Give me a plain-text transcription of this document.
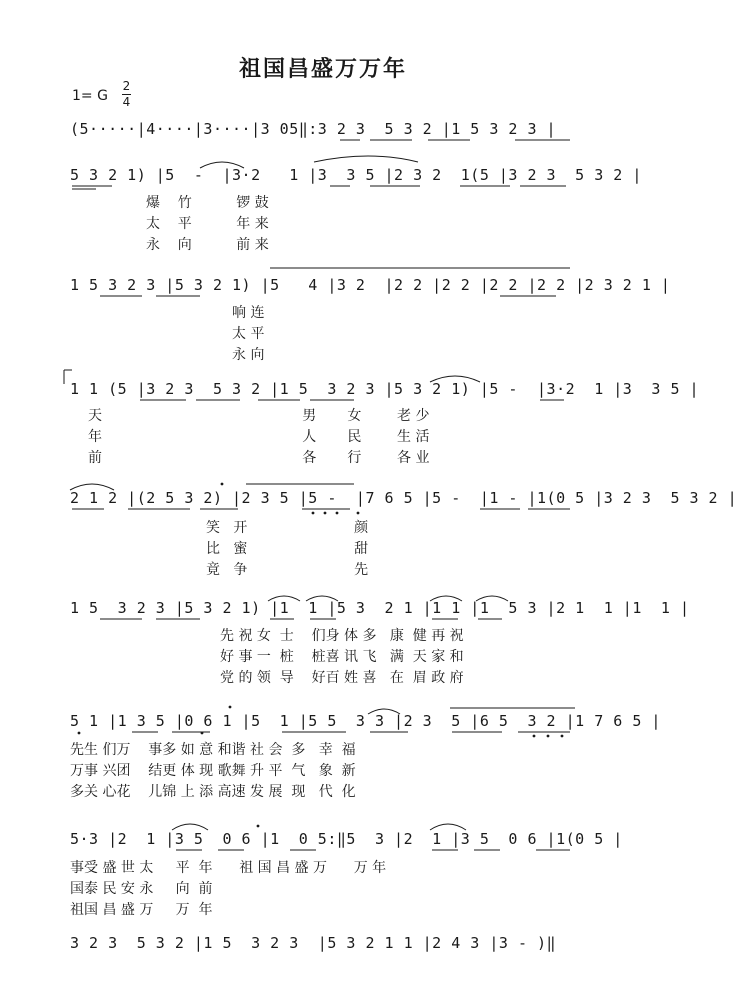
祖国昌盛万万年
1= G
2
4
(5·····|4····|3····|3 05‖:3 2 3  5 3 2 |1 5 3 2 3 |
5 3 2 1) |5  -  |3·2   1 |3  3 5 |2 3 2  1(5 |3 2 3  5 3 2 |
爆    竹          锣 鼓
太    平          年 来
永    向          前 来
1 5 3 2 3 |5 3 2 1) |5   4 |3 2  |2 2 |2 2 |2 2 |2 2 |2 3 2 1 |
响 连
太 平
永 向
1 1 (5 |3 2 3  5 3 2 |1 5  3 2 3 |5 3 2 1) |5 -  |3·2  1 |3  3 5 |
天                                             男       女        老 少
年                                             人       民        生 活
前                                             各       行        各 业
2 1 2 |(2 5 3 2) |2 3 5 |5 -  |7 6 5 |5 -  |1 - |1(0 5 |3 2 3  5 3 2 |
笑   开                        颜
比   蜜                        甜
竟   争                        先
1 5  3 2 3 |5 3 2 1) |1  1 |5 3  2 1 |1 1 |1  5 3 |2 1  1 |1  1 |
先 祝 女  士    们身 体 多   康  健 再 祝
好 事 一  桩    桩喜 讯 飞   满  天 家 和
党 的 领  导    好百 姓 喜   在  眉 政 府
5 1 |1 3 5 |0 6 1 |5  1 |5 5  3 3 |2 3  5 |6 5  3 2 |1 7 6 5 |
先生 们万    事多 如 意 和谐 社 会  多   幸  福
万事 兴团    结更 体 现 歌舞 升 平  气   象  新
多关 心花    儿锦 上 添 高速 发 展  现   代  化
5·3 |2  1 |3 5  0 6 |1  0 5:‖5  3 |2  1 |3 5  0 6 |1(0 5 |
事受 盛 世 太     平  年      祖 国 昌 盛 万      万 年
国泰 民 安 永     向  前
祖国 昌 盛 万     万  年
3 2 3  5 3 2 |1 5  3 2 3  |5 3 2 1 1 |2 4 3 |3 - )‖
